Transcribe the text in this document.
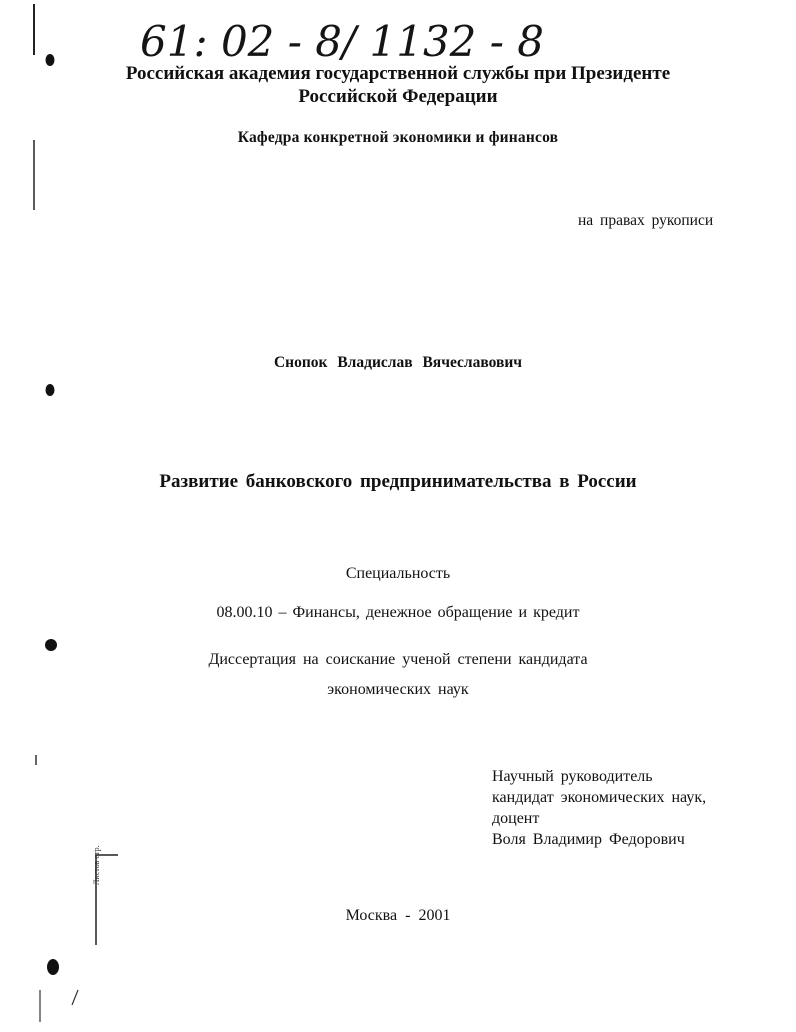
61: 02 - 8/ 1132 - 8
Листов стр.
Российская академия государственной службы при Президенте
Российской Федерации
Кафедра конкретной экономики и финансов
на правах рукописи
Снопок Владислав Вячеславович
Развитие банковского предпринимательства в России
Специальность
08.00.10 – Финансы, денежное обращение и кредит
Диссертация на соискание ученой степени кандидата
экономических наук
Научный руководитель
кандидат экономических наук,
доцент
Воля Владимир Федорович
Москва - 2001
